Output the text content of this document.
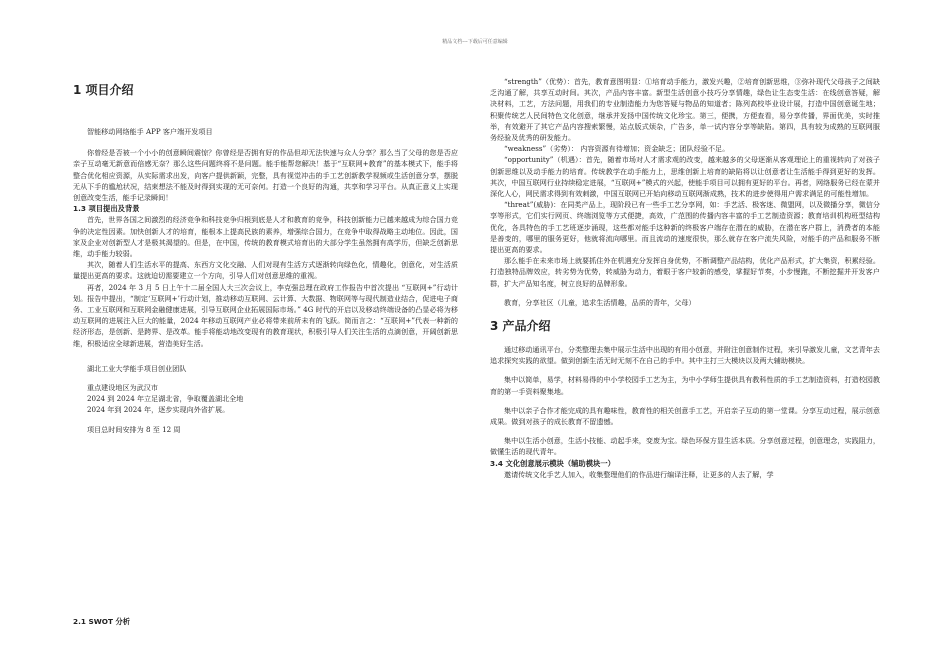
精品文档---下载后可任意编辑
1 项目介绍

智能移动网络能手 APP 客户端开发项目

你曾经是否被一个小小的创意瞬间震惊？你曾经是否拥有好的作品但却无法快速与众人分享？那么当了父母的您是否应亲子互动毫无新意而倍感无奈？那么这些问题终将不是问题。能手能帮您解决！基于“互联网+教育”的基本模式下，能手将整合优化相应资源，从实际需求出发，向客户提供新颖，完整，具有视觉冲击的手工艺创新教学视频或生活创意分享，摆脱无从下手的尴尬状况，结束想法不能及时得到实现的无可奈何。打造一个良好的沟通，共享和学习平台。从真正意义上实现创意改变生活，能手记录瞬间！

1.3 项目提出及背景

首先，世界各国之间激烈的经济竞争和科技竞争归根到底是人才和教育的竞争，科技创新能力已越来越成为综合国力竞争的决定性因素。加快创新人才的培育，能根本上提高民族的素养，增强综合国力，在竞争中取得战略主动地位。因此，国家及企业对创新型人才是极其渴望的。但是，在中国，传统的教育模式培育出的大部分学生虽然拥有高学历，但缺乏创新思维，动手能力较弱。

其次，随着人们生活水平的提高、东西方文化交融、人们对现有生活方式逐渐转向绿色化，情趣化，创意化，对生活质量提出更高的要求。这就迫切需要建立一个方向，引导人们对创意思维的重视。

再者，2024 年 3 月 5 日上午十二届全国人大三次会议上，李克强总理在政府工作报告中首次提出 “互联网+”行动计划。报告中提出，“制定‘互联网+’行动计划，推动移动互联网、云计算、大数据、物联网等与现代制造业结合，促进电子商务、工业互联网和互联网金融健康进展，引导互联网企业拓展国际市场。” 4G 时代的开启以及移动终端设备的凸显必将为移动互联网的进展注入巨大的能量，2024 年移动互联网产业必将带来前所未有的飞跃。简而言之：“互联网+”代表一种新的经济形态，是创新、是跨界、是改革。能手将能动地改变现有的教育现状，积极引导人们关注生活的点滴创意，开阔创新思维，积极适应全球新进展，营造美好生活。

湖北工业大学能手项目创业团队

重点建设地区为武汉市

2024 到 2024 年立足湖北省，争取覆盖湖北全地

2024 年到 2024 年，逐步实现向外省扩展。

项目总时间安排为 8 至 12 周

2.1 SWOT 分析

“strength”（优势）：首先，教育意图明显：①培育动手能力，激发兴趣，②培育创新思维，③弥补现代父母孩子之间缺乏沟通了解，共享互动时间。其次，产品内容丰富。新型生活创意小技巧分享情趣，绿色让生态变生活：在线创意答疑，解决材料，工艺，方法问题，用我们的专业制造能力为您答疑与物品的知道者；陈列高校毕业设计展，打造中国创意诞生地；积聚传统艺人民间特色文化创意，继承并发扬中国传统文化珍宝。第三，便携，方便查看，易分享传播，界面优美，实时推举，有效避开了其它产品内容搜索繁慢，站点版式烦杂，广告多，单一试内容分享等缺陷。第四，具有较为成熟的互联网服务经验及优秀的研发能力。

“weakness”（劣势）： 内容资源有待增加；资金缺乏；团队经验不足。

“opportunity”（机遇）：首先，随着市场对人才需求观的改变，越来越多的父母逐渐从客观理论上的重视转向了对孩子创新思维以及动手能力的培育。传统教学在动手能力上，思维创新上培育的缺陷将以让创意者让生活能手得到更好的发挥。其次，中国互联网行业持续稳定进展，“互联网+”模式的兴起，使能手项目可以拥有更好的平台。再者，网络服务已经在蒙并深化人心，网民需求得到有效刺激，中国互联网已开始向移动互联网渐成熟，技术的进步使得用户需求满足的可能性增加。

“threat”(威胁)：在同类产品上，现阶段已有一些手工艺分享网，如：手艺活、极客迷、微盟网，以及微播分享，微信分享等形式，它们实行网页、终端浏览等方式便捷，高效，广范围的传播内容丰富的手工艺制造资源；教育培训机构班型结构优化，各具特色的手工艺班逐步涌现，这些都对能手这种新的终极客户端存在潜在的威胁，在潜在客户群上，消费者的本能是善变的，哪里的服务更好，他就将流向哪里。而且流动的速度很快，那么就存在客户流失风险，对能手的产品和服务不断提出更高的要求。

那么能手在未来市场上就要抓住外在机遇充分发挥自身优势，不断调整产品结构，优化产品形式，扩大集资，积累经验。打造独特品牌效应，转劣势为优势，转威胁为动力，着眼于客户较新的感受，掌握好节奏，小步慢跑，不断挖掘并开发客户群，扩大产品知名度，树立良好的品牌形象。

教育，分享社区（儿童，追求生活情趣，品质的青年，父母）

3 产品介绍

通过移动通讯平台，分类整理去集中展示生活中出现的有用小创意，并附注创意制作过程，来引导激发儿童，文艺青年去追求探究实践的欲望。做到创新生活无时无刻不在自己的手中。其中主打三大模块以及两大辅助模块。

集中以简单，易学，材料易得的中小学校园手工艺为主，为中小学师生提供具有教科性质的手工艺制造资料，打造校园教育的第一手资料聚集地。

集中以亲子合作才能完成的具有趣味性，教育性的相关创意手工艺，开启亲子互动的第一堂课。分享互动过程，展示创意成果。做到对孩子的成长教育不留遗憾。

集中以生活小创意，生活小技能、动起手来，变废为宝。绿色环保方显生活本质。分享创意过程，创意理念，实践阻力，做懂生活的现代青年。

3.4 文化创意展示模块（辅助模块一）

邀请传统文化手艺人加入，收集整理他们的作品进行编译注释，让更多的人去了解，学
